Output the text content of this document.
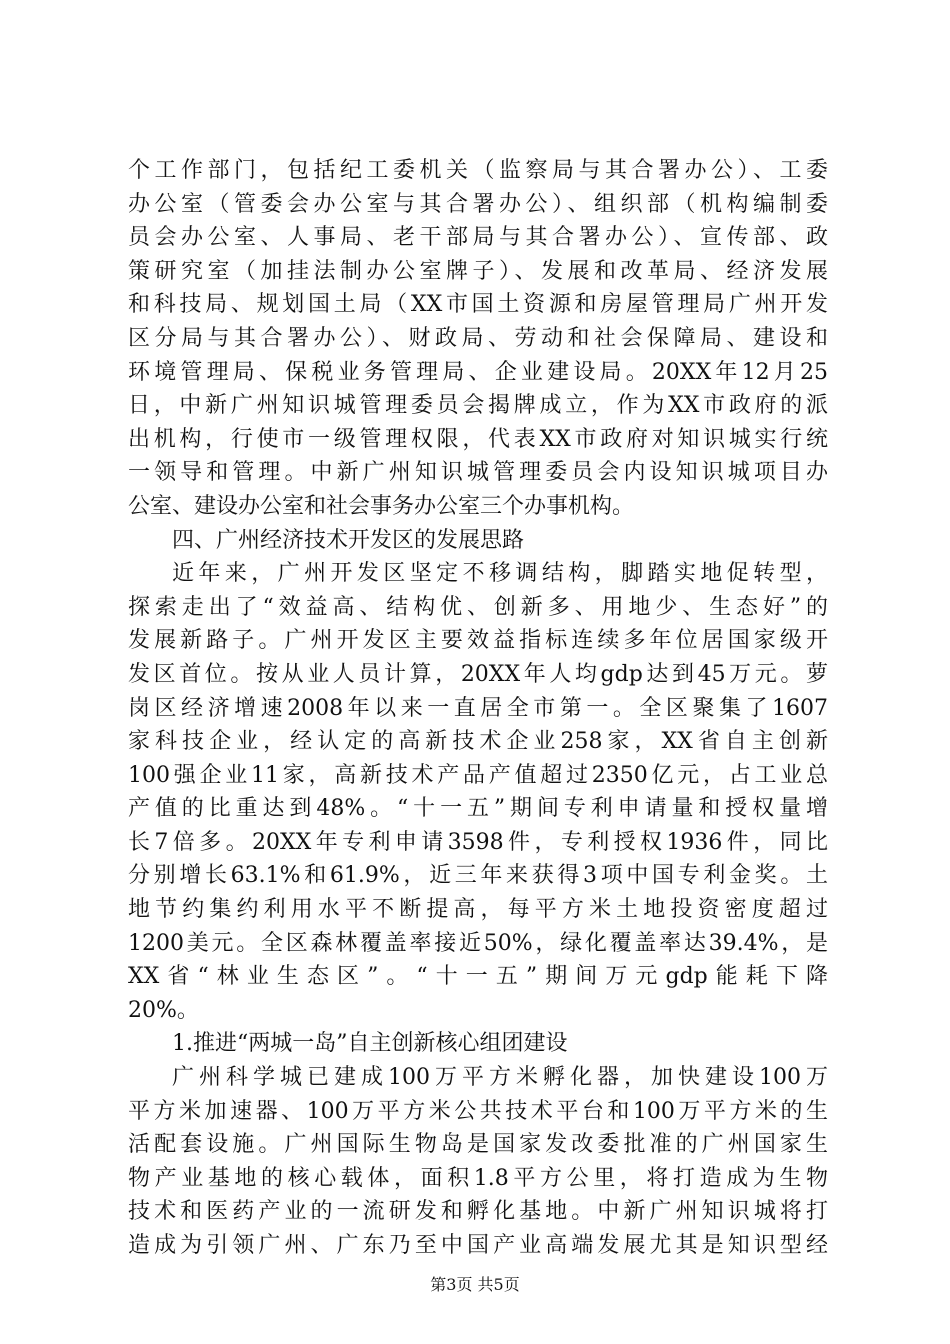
个工作部门，包括纪工委机关（监察局与其合署办公）、工委
办公室（管委会办公室与其合署办公）、组织部（机构编制委
员会办公室、人事局、老干部局与其合署办公）、宣传部、政
策研究室（加挂法制办公室牌子）、发展和改革局、经济发展
和科技局、规划国土局（XX市国土资源和房屋管理局广州开发
区分局与其合署办公）、财政局、劳动和社会保障局、建设和
环境管理局、保税业务管理局、企业建设局。20XX年12月25
日，中新广州知识城管理委员会揭牌成立，作为XX市政府的派
出机构，行使市一级管理权限，代表XX市政府对知识城实行统
一领导和管理。中新广州知识城管理委员会内设知识城项目办
公室、建设办公室和社会事务办公室三个办事机构。
四、广州经济技术开发区的发展思路
近年来，广州开发区坚定不移调结构，脚踏实地促转型，
探索走出了“效益高、结构优、创新多、用地少、生态好”的
发展新路子。广州开发区主要效益指标连续多年位居国家级开
发区首位。按从业人员计算，20XX年人均gdp达到45万元。萝
岗区经济增速2008年以来一直居全市第一。全区聚集了1607
家科技企业，经认定的高新技术企业258家，XX省自主创新
100强企业11家，高新技术产品产值超过2350亿元，占工业总
产值的比重达到48%。“十一五”期间专利申请量和授权量增
长7倍多。20XX年专利申请3598件，专利授权1936件，同比
分别增长63.1%和61.9%，近三年来获得3项中国专利金奖。土
地节约集约利用水平不断提高，每平方米土地投资密度超过
1200美元。全区森林覆盖率接近50%，绿化覆盖率达39.4%，是
XX省“林业生态区”。“十一五”期间万元gdp能耗下降
20%。
1.推进“两城一岛”自主创新核心组团建设
广州科学城已建成100万平方米孵化器，加快建设100万
平方米加速器、100万平方米公共技术平台和100万平方米的生
活配套设施。广州国际生物岛是国家发改委批准的广州国家生
物产业基地的核心载体，面积1.8平方公里，将打造成为生物
技术和医药产业的一流研发和孵化基地。中新广州知识城将打
造成为引领广州、广东乃至中国产业高端发展尤其是知识型经
第3页 共5页
